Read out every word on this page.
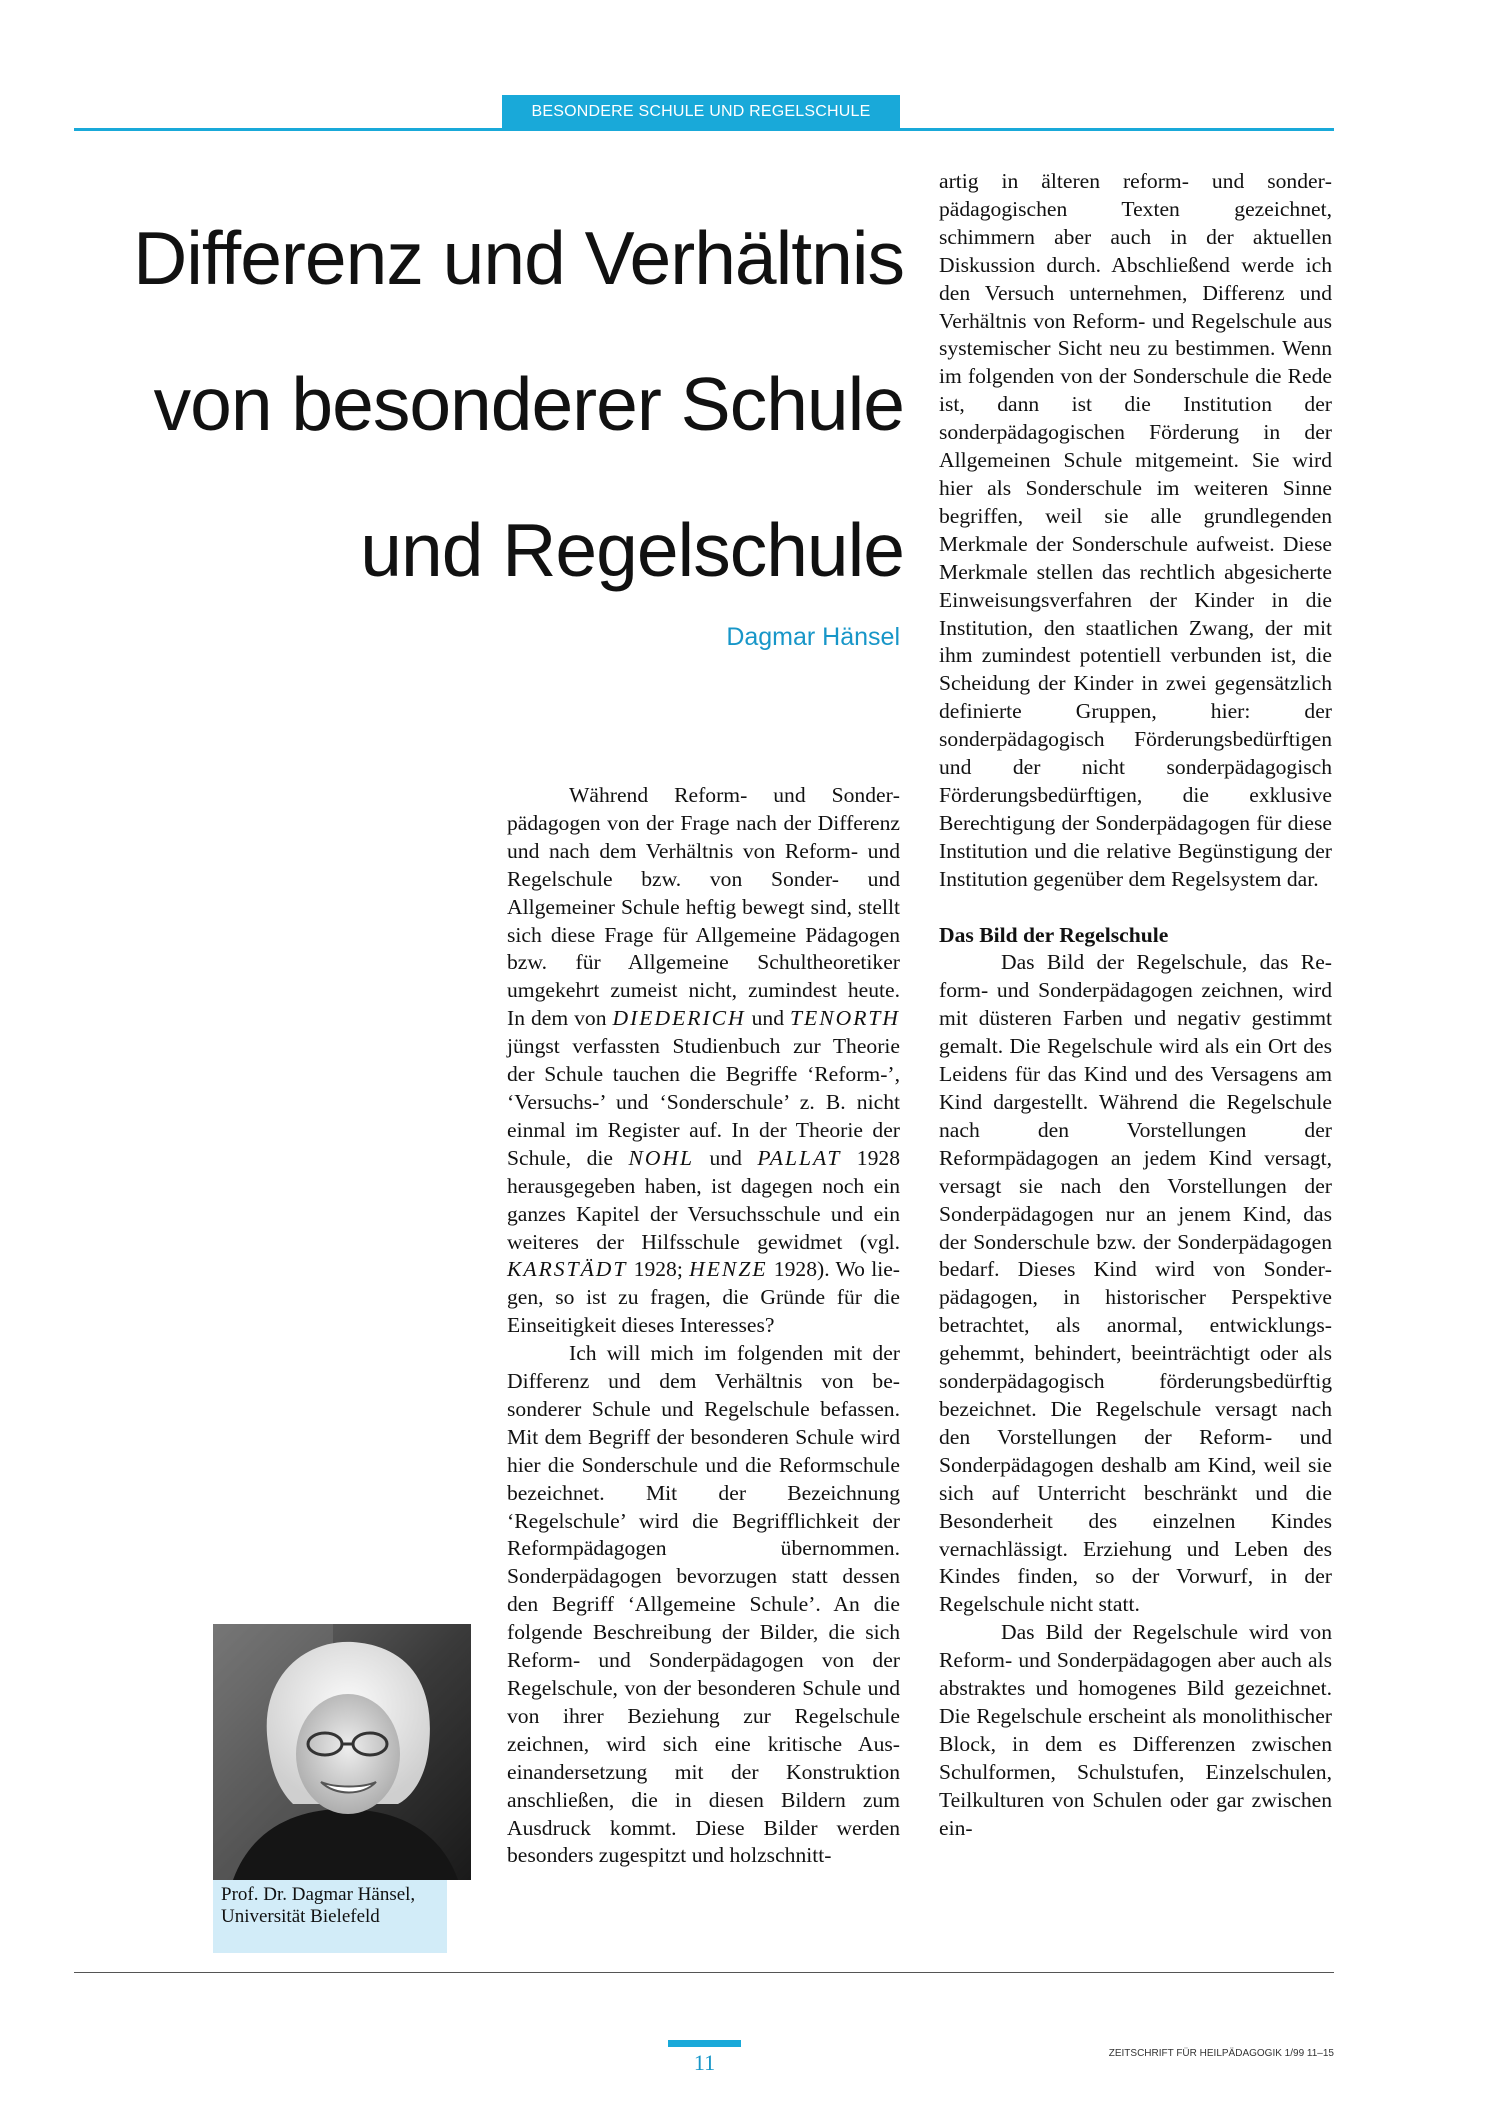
BESONDERE SCHULE UND REGELSCHULE
Differenz und Verhältnis
von besonderer Schule
und Regelschule
Dagmar Hänsel

Während Reform- und Sonderpädagogen von der Frage nach der Differenz und nach dem Verhältnis von Reform- und Regelschule bzw. von Sonder- und Allgemeiner Schule heftig bewegt sind, stellt sich diese Frage für Allgemeine Pädagogen bzw. für Allgemeine Schultheoretiker umgekehrt zumeist nicht, zumindest heute. In dem von DIEDERICH und TENORTH jüngst verfassten Studienbuch zur Theorie der Schule tauchen die Begriffe ‘Reform-’, ‘Versuchs-’ und ‘Sonderschule’ z. B. nicht einmal im Register auf. In der Theorie der Schule, die NOHL und PALLAT 1928 herausgegeben haben, ist dagegen noch ein ganzes Kapitel der Versuchsschule und ein weiteres der Hilfsschule gewidmet (vgl. KARSTÄDT 1928; HENZE 1928). Wo liegen, so ist zu fragen, die Gründe für die Einseitigkeit dieses Interesses?

Ich will mich im folgenden mit der Differenz und dem Verhältnis von besonderer Schule und Regelschule befassen. Mit dem Begriff der besonderen Schule wird hier die Sonderschule und die Reformschule bezeichnet. Mit der Bezeichnung ‘Regelschule’ wird die Begrifflichkeit der Reformpädagogen übernommen. Sonderpädagogen bevorzugen statt dessen den Begriff ‘Allgemeine Schule’. An die folgende Beschreibung der Bilder, die sich Reform- und Sonderpädagogen von der Regelschule, von der besonderen Schule und von ihrer Beziehung zur Regelschule zeichnen, wird sich eine kritische Auseinandersetzung mit der Konstruktion anschließen, die in diesen Bildern zum Ausdruck kommt. Diese Bilder werden besonders zugespitzt und holzschnitt-

artig in älteren reform- und sonderpädagogischen Texten gezeichnet, schimmern aber auch in der aktuellen Diskussion durch. Abschließend werde ich den Versuch unternehmen, Differenz und Verhältnis von Reform- und Regelschule aus systemischer Sicht neu zu bestimmen. Wenn im folgenden von der Sonderschule die Rede ist, dann ist die Institution der sonderpädagogischen Förderung in der Allgemeinen Schule mitgemeint. Sie wird hier als Sonderschule im weiteren Sinne begriffen, weil sie alle grundlegenden Merkmale der Sonderschule aufweist. Diese Merkmale stellen das rechtlich abgesicherte Einweisungsverfahren der Kinder in die Institution, den staatlichen Zwang, der mit ihm zumindest potentiell verbunden ist, die Scheidung der Kinder in zwei gegensätzlich definierte Gruppen, hier: der sonderpädagogisch Förderungsbedürftigen und der nicht sonderpädagogisch Förderungsbedürftigen, die exklusive Berechtigung der Sonderpädagogen für diese Institution und die relative Begünstigung der Institution gegenüber dem Regelsystem dar.

Das Bild der Regelschule

Das Bild der Regelschule, das Reform- und Sonderpädagogen zeichnen, wird mit düsteren Farben und negativ gestimmt gemalt. Die Regelschule wird als ein Ort des Leidens für das Kind und des Versagens am Kind dargestellt. Während die Regelschule nach den Vorstellungen der Reformpädagogen an jedem Kind versagt, versagt sie nach den Vorstellungen der Sonderpädagogen nur an jenem Kind, das der Sonderschule bzw. der Sonderpädagogen bedarf. Dieses Kind wird von Sonderpädagogen, in historischer Perspektive betrachtet, als anormal, entwicklungsgehemmt, behindert, beeinträchtigt oder als sonderpädagogisch förderungsbedürftig bezeichnet. Die Regelschule versagt nach den Vorstellungen der Reform- und Sonderpädagogen deshalb am Kind, weil sie sich auf Unterricht beschränkt und die Besonderheit des einzelnen Kindes vernachlässigt. Erziehung und Leben des Kindes finden, so der Vorwurf, in der Regelschule nicht statt.

Das Bild der Regelschule wird von Reform- und Sonderpädagogen aber auch als abstraktes und homogenes Bild gezeichnet. Die Regelschule erscheint als monolithischer Block, in dem es Differenzen zwischen Schulformen, Schulstufen, Einzelschulen, Teilkulturen von Schulen oder gar zwischen ein-

Prof. Dr. Dagmar Hänsel,
Universität Bielefeld
11	ZEITSCHRIFT FÜR HEILPÄDAGOGIK 1/99 11–15
